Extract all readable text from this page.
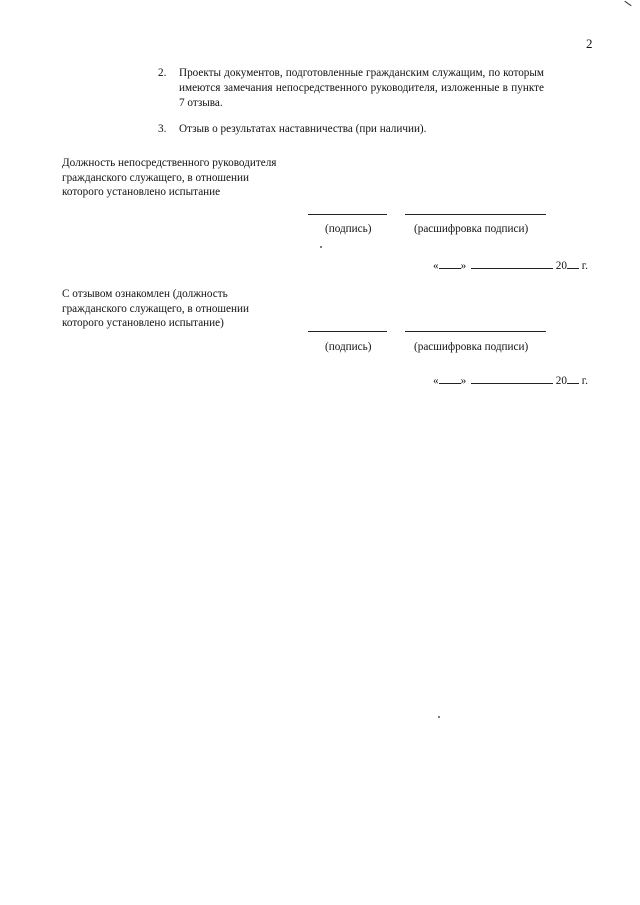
2
2. Проекты документов, подготовленные гражданским служащим, по которым имеются замечания непосредственного руководителя, изложенные в пункте 7 отзыва.
3. Отзыв о результатах наставничества (при наличии).
Должность непосредственного руководителя гражданского служащего, в отношении которого установлено испытание
(подпись)	(расшифровка подписи)
« »	20 г.
С отзывом ознакомлен (должность гражданского служащего, в отношении которого установлено испытание)
(подпись)	(расшифровка подписи)
« »	20 г.
